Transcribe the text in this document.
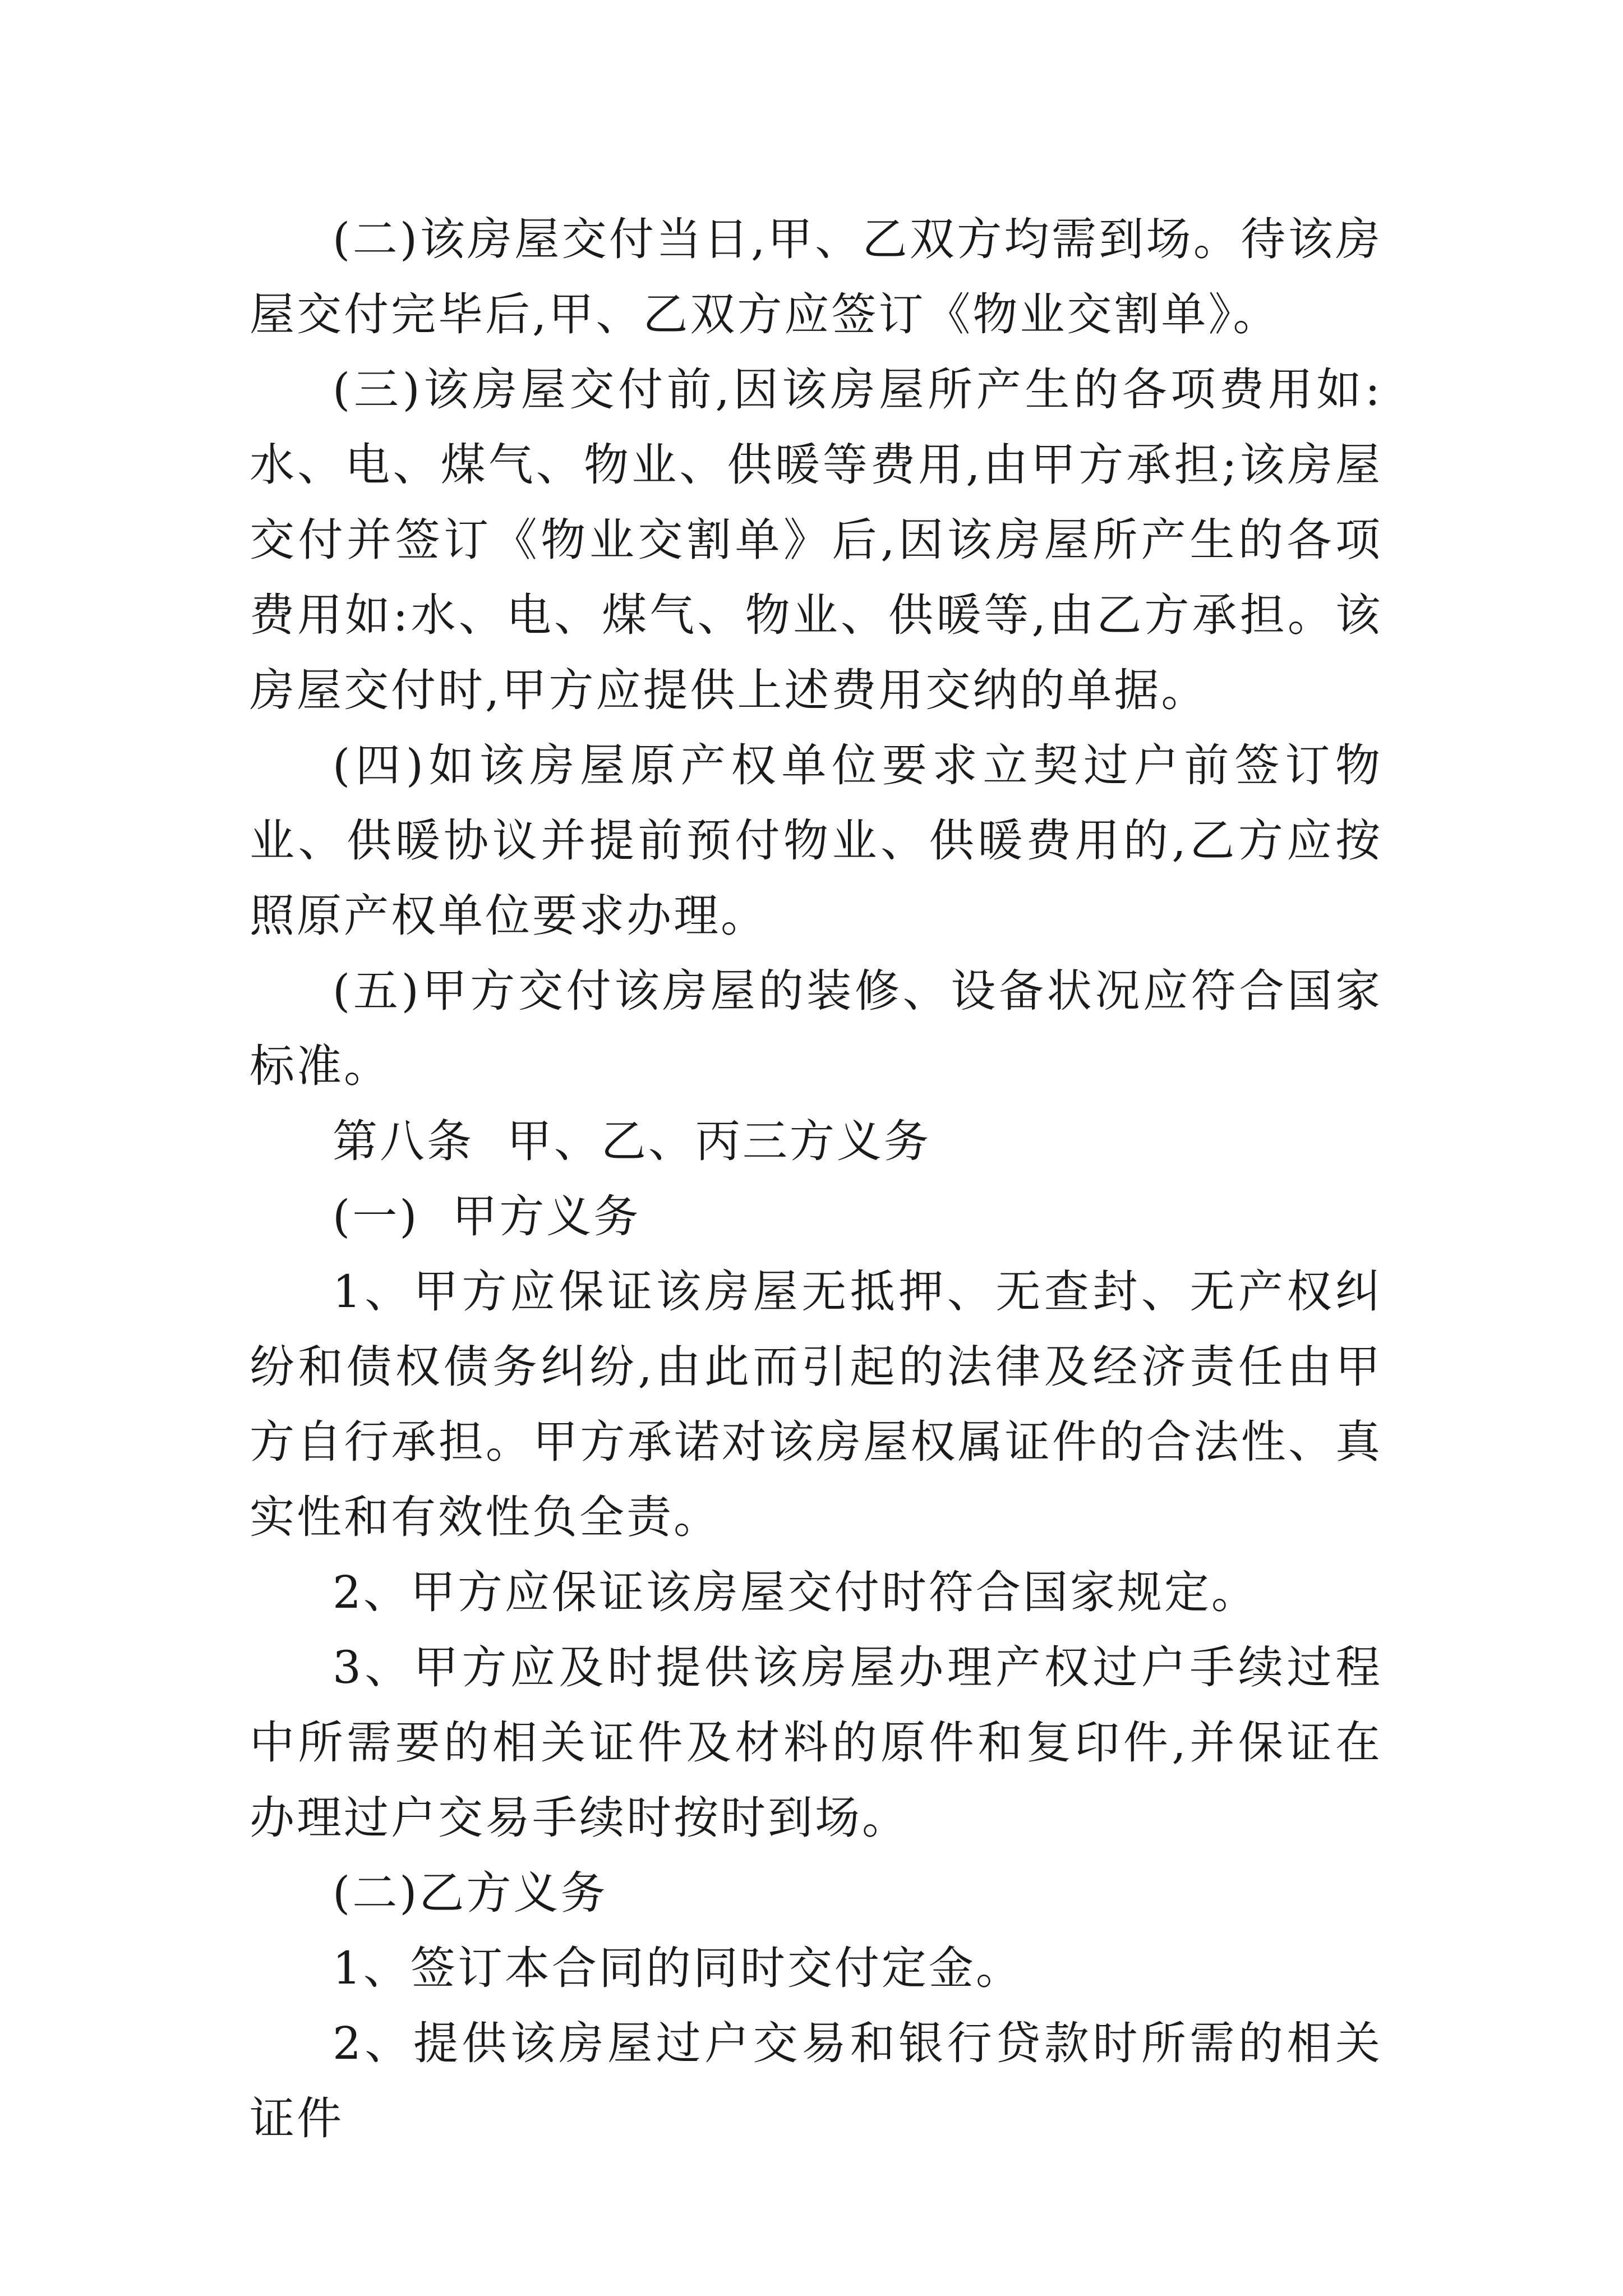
(二)该房屋交付当日,甲、乙双方均需到场。待该房屋交付完毕后,甲、乙双方应签订《物业交割单》。

(三)该房屋交付前,因该房屋所产生的各项费用如:水、电、煤气、物业、供暖等费用,由甲方承担;该房屋交付并签订《物业交割单》后,因该房屋所产生的各项费用如:水、电、煤气、物业、供暖等,由乙方承担。该房屋交付时,甲方应提供上述费用交纳的单据。

(四)如该房屋原产权单位要求立契过户前签订物业、供暖协议并提前预付物业、供暖费用的,乙方应按照原产权单位要求办理。

(五)甲方交付该房屋的装修、设备状况应符合国家标准。

第八条  甲、乙、丙三方义务

(一)  甲方义务

1、甲方应保证该房屋无抵押、无查封、无产权纠纷和债权债务纠纷,由此而引起的法律及经济责任由甲方自行承担。甲方承诺对该房屋权属证件的合法性、真实性和有效性负全责。

2、甲方应保证该房屋交付时符合国家规定。

3、甲方应及时提供该房屋办理产权过户手续过程中所需要的相关证件及材料的原件和复印件,并保证在办理过户交易手续时按时到场。

(二)乙方义务

1、签订本合同的同时交付定金。

2、提供该房屋过户交易和银行贷款时所需的相关证件
